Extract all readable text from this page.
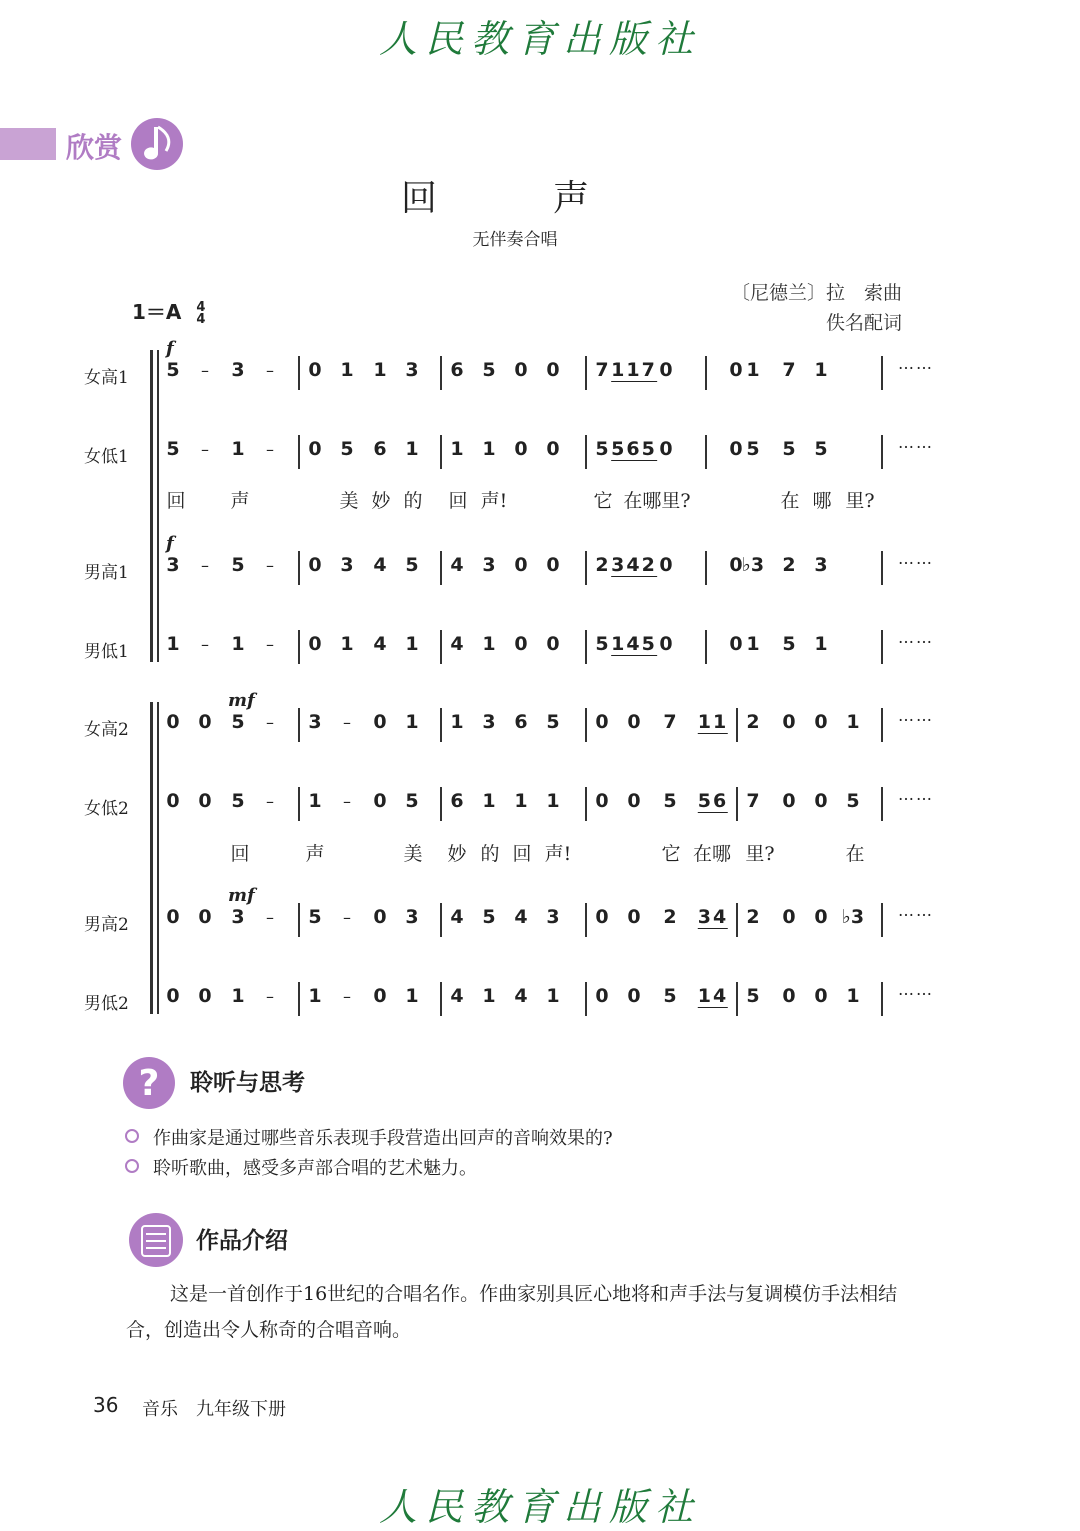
人民教育出版社
欣赏
回　声
无伴奏合唱
〔尼德兰〕拉　索曲
佚名配词
1＝A 4
4
女高1
f
5 – 3 – 0 1 1 3 6 5 0 0 7 117 0	0 1 7 1	……
女低1 5 – 1 – 0 5 6 1 1 1 0 0 5 565 0	0 5 5 5	……
男高1
f
3 – 5 – 0 3 4 5 4 3 0 0 2 342 0	0 ♭3 2 3	……
男低1 1 – 1 – 0 1 4 1 4 1 0 0 5 145 0	0 1 5 1	……
女高2
mf
0 0 5 – 3 – 0 1 1 3 6 5 0 0 7 11 2 0 0 1 ……
女低2 0 0 5 – 1 – 0 5 6 1 1 1 0 0 5 56 7 0 0 5 ……
男高2
mf
0 0 3 – 5 – 0 3 4 5 4 3 0 0 2 34 2 0 0 ♭3 ……
男低2 0 0 1 – 1 – 0 1 4 1 4 1 0 0 5 14 5 0 0 1 ……
回 声	美 妙 的 回 声!	它 在哪里?	在 哪 里?
回	声	美 妙 的 回 声!	它 在哪 里?	在
? 聆听与思考
作曲家是通过哪些音乐表现手段营造出回声的音响效果的?
聆听歌曲，感受多声部合唱的艺术魅力。
作品介绍
这是一首创作于16世纪的合唱名作。作曲家别具匠心地将和声手法与复调模仿手法相结合，创造出令人称奇的合唱音响。
36 音乐　九年级下册
人民教育出版社
